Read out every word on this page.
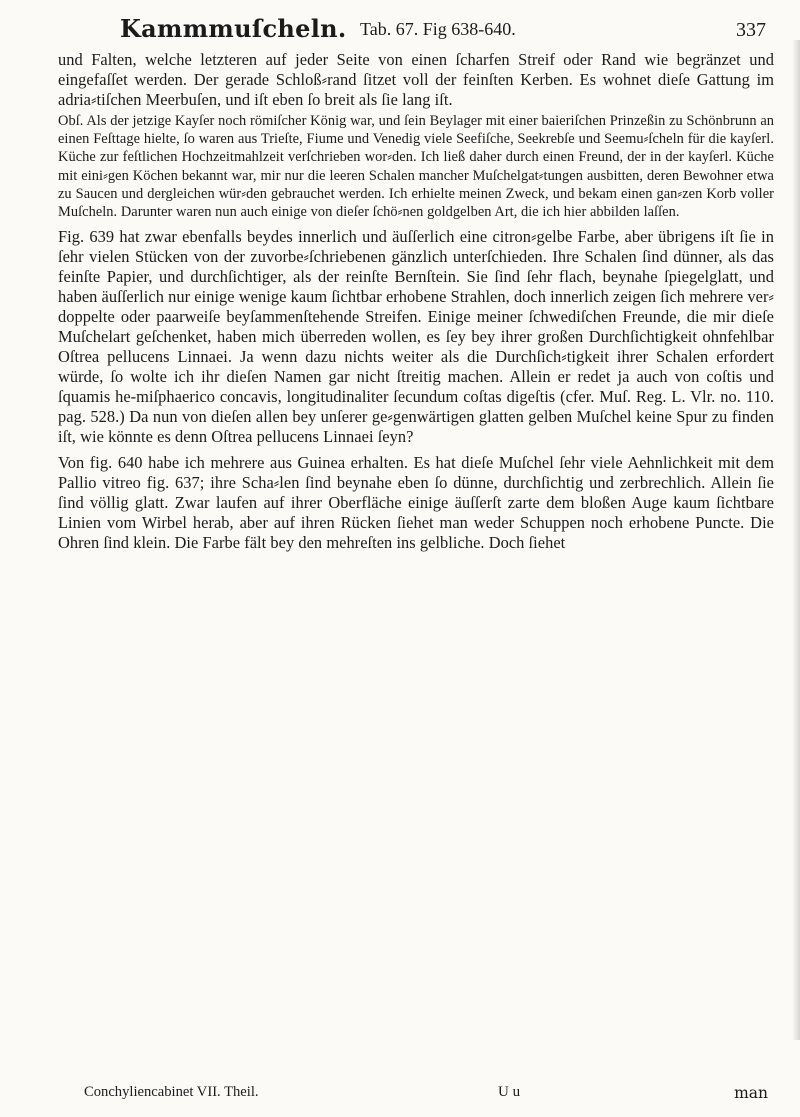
Kammmuſcheln. Tab. 67. Fig 638-640.	337

und Falten, welche letzteren auf jeder Seite von einen ſcharfen Streif oder Rand wie begränzet und eingefaſſet werden. Der gerade Schloß⸗rand ſitzet voll der feinſten Kerben. Es wohnet dieſe Gattung im adria⸗tiſchen Meerbuſen, und iſt eben ſo breit als ſie lang iſt.

Obſ. Als der jetzige Kayſer noch römiſcher König war, und ſein Beylager mit einer baieriſchen Prinzeßin zu Schönbrunn an einen Feſttage hielte, ſo waren aus Trieſte, Fiume und Venedig viele Seefiſche, Seekrebſe und Seemu⸗ſcheln für die kayſerl. Küche zur feſtlichen Hochzeitmahlzeit verſchrieben wor⸗den. Ich ließ daher durch einen Freund, der in der kayſerl. Küche mit eini⸗gen Köchen bekannt war, mir nur die leeren Schalen mancher Muſchelgat⸗tungen ausbitten, deren Bewohner etwa zu Saucen und dergleichen wür⸗den gebrauchet werden. Ich erhielte meinen Zweck, und bekam einen gan⸗zen Korb voller Muſcheln. Darunter waren nun auch einige von dieſer ſchö⸗nen goldgelben Art, die ich hier abbilden laſſen.

Fig. 639 hat zwar ebenfalls beydes innerlich und äuſſerlich eine citron⸗gelbe Farbe, aber übrigens iſt ſie in ſehr vielen Stücken von der zuvorbe⸗ſchriebenen gänzlich unterſchieden. Ihre Schalen ſind dünner, als das feinſte Papier, und durchſichtiger, als der reinſte Bernſtein. Sie ſind ſehr flach, beynahe ſpiegelglatt, und haben äuſſerlich nur einige wenige kaum ſichtbar erhobene Strahlen, doch innerlich zeigen ſich mehrere ver⸗doppelte oder paarweiſe beyſammenſtehende Streifen. Einige meiner ſchwediſchen Freunde, die mir dieſe Muſchelart geſchenket, haben mich überreden wollen, es ſey bey ihrer großen Durchſichtigkeit ohnfehlbar Oſtrea pellucens Linnaei. Ja wenn dazu nichts weiter als die Durchſich⸗tigkeit ihrer Schalen erfordert würde, ſo wolte ich ihr dieſen Namen gar nicht ſtreitig machen. Allein er redet ja auch von coſtis und ſquamis he-miſphaerico concavis, longitudinaliter ſecundum coſtas digeſtis (cfer. Muſ. Reg. L. Vlr. no. 110. pag. 528.) Da nun von dieſen allen bey unſerer ge⸗genwärtigen glatten gelben Muſchel keine Spur zu finden iſt, wie könnte es denn Oſtrea pellucens Linnaei ſeyn?

Von fig. 640 habe ich mehrere aus Guinea erhalten. Es hat dieſe Muſchel ſehr viele Aehnlichkeit mit dem Pallio vitreo fig. 637; ihre Scha⸗len ſind beynahe eben ſo dünne, durchſichtig und zerbrechlich. Allein ſie ſind völlig glatt. Zwar laufen auf ihrer Oberfläche einige äuſſerſt zarte dem bloßen Auge kaum ſichtbare Linien vom Wirbel herab, aber auf ihren Rücken ſiehet man weder Schuppen noch erhobene Puncte. Die Ohren ſind klein. Die Farbe fält bey den mehreſten ins gelbliche. Doch ſiehet

Conchyliencabinet VII. Theil.	U u	man
